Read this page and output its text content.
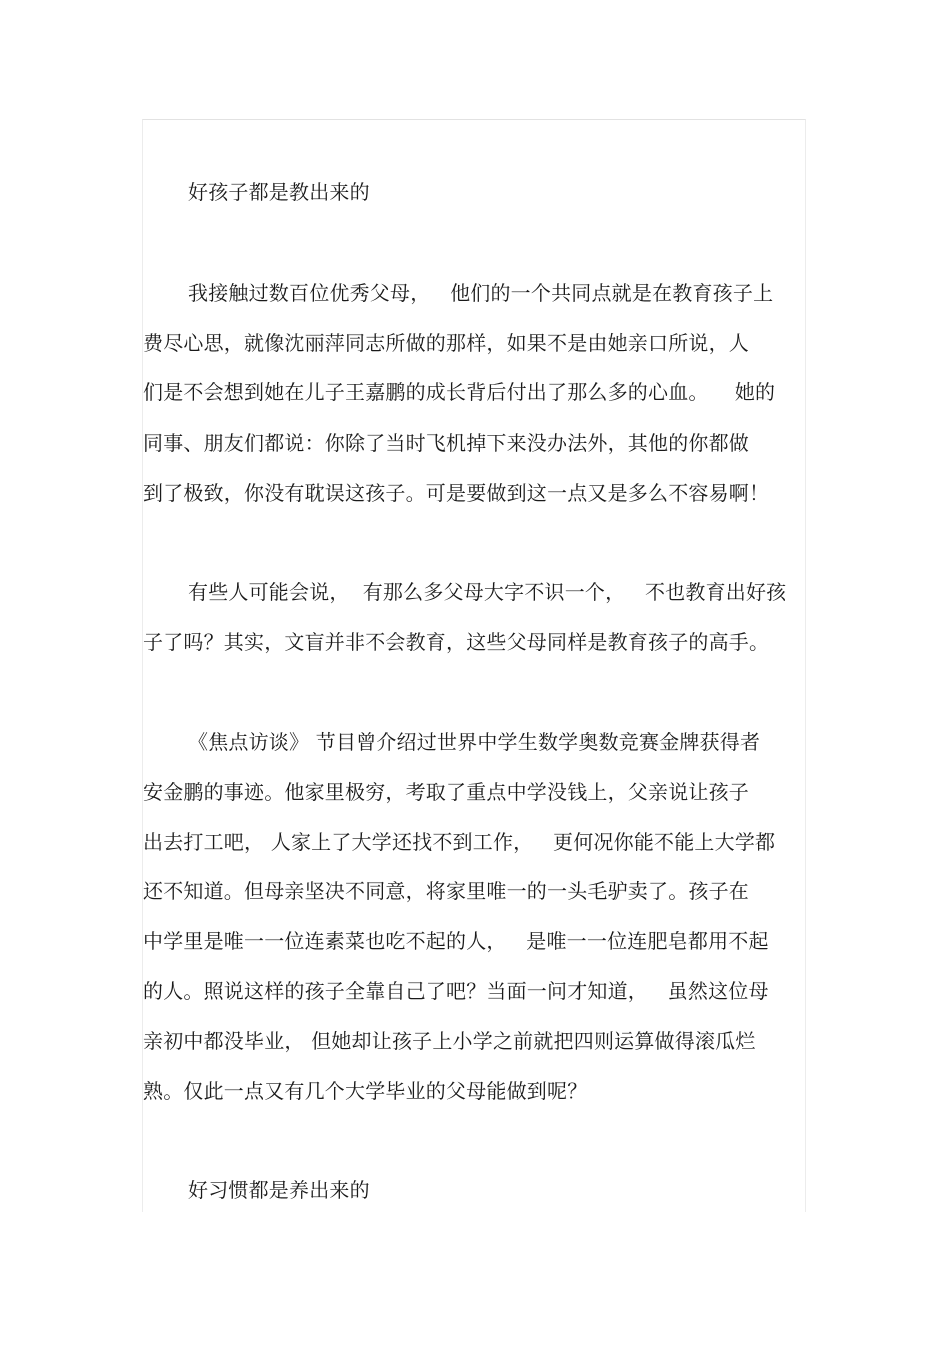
好孩子都是教出来的
我接触过数百位优秀父母，   他们的一个共同点就是在教育孩子上
费尽心思，就像沈丽萍同志所做的那样，如果不是由她亲口所说，人
们是不会想到她在儿子王嘉鹏的成长背后付出了那么多的心血。    她的
同事、朋友们都说：你除了当时飞机掉下来没办法外，其他的你都做
到了极致，你没有耽误这孩子。可是要做到这一点又是多么不容易啊！
有些人可能会说，  有那么多父母大字不识一个，   不也教育出好孩
子了吗？其实，文盲并非不会教育，这些父母同样是教育孩子的高手。
《焦点访谈》 节目曾介绍过世界中学生数学奥数竞赛金牌获得者
安金鹏的事迹。他家里极穷，考取了重点中学没钱上，父亲说让孩子
出去打工吧， 人家上了大学还找不到工作，   更何况你能不能上大学都
还不知道。但母亲坚决不同意，将家里唯一的一头毛驴卖了。孩子在
中学里是唯一一位连素菜也吃不起的人，   是唯一一位连肥皂都用不起
的人。照说这样的孩子全靠自己了吧？当面一问才知道，   虽然这位母
亲初中都没毕业， 但她却让孩子上小学之前就把四则运算做得滚瓜烂
熟。仅此一点又有几个大学毕业的父母能做到呢？
好习惯都是养出来的
